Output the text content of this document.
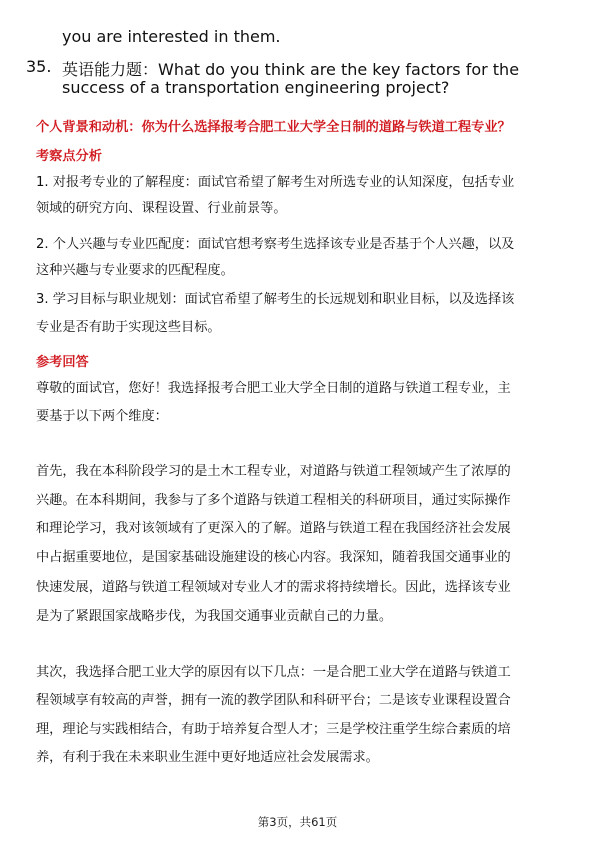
you are interested in them.
35. 英语能力题：What do you think are the key factors for the
success of a transportation engineering project?
个人背景和动机：你为什么选择报考合肥工业大学全日制的道路与铁道工程专业？
考察点分析
1. 对报考专业的了解程度：面试官希望了解考生对所选专业的认知深度，包括专业
领域的研究方向、课程设置、行业前景等。
2. 个人兴趣与专业匹配度：面试官想考察考生选择该专业是否基于个人兴趣，以及
这种兴趣与专业要求的匹配程度。
3. 学习目标与职业规划：面试官希望了解考生的长远规划和职业目标，以及选择该
专业是否有助于实现这些目标。
参考回答
尊敬的面试官，您好！我选择报考合肥工业大学全日制的道路与铁道工程专业，主
要基于以下两个维度：
首先，我在本科阶段学习的是土木工程专业，对道路与铁道工程领域产生了浓厚的
兴趣。在本科期间，我参与了多个道路与铁道工程相关的科研项目，通过实际操作
和理论学习，我对该领域有了更深入的了解。道路与铁道工程在我国经济社会发展
中占据重要地位，是国家基础设施建设的核心内容。我深知，随着我国交通事业的
快速发展，道路与铁道工程领域对专业人才的需求将持续增长。因此，选择该专业
是为了紧跟国家战略步伐，为我国交通事业贡献自己的力量。
其次，我选择合肥工业大学的原因有以下几点：一是合肥工业大学在道路与铁道工
程领域享有较高的声誉，拥有一流的教学团队和科研平台；二是该专业课程设置合
理，理论与实践相结合，有助于培养复合型人才；三是学校注重学生综合素质的培
养，有利于我在未来职业生涯中更好地适应社会发展需求。
第3页，共61页
